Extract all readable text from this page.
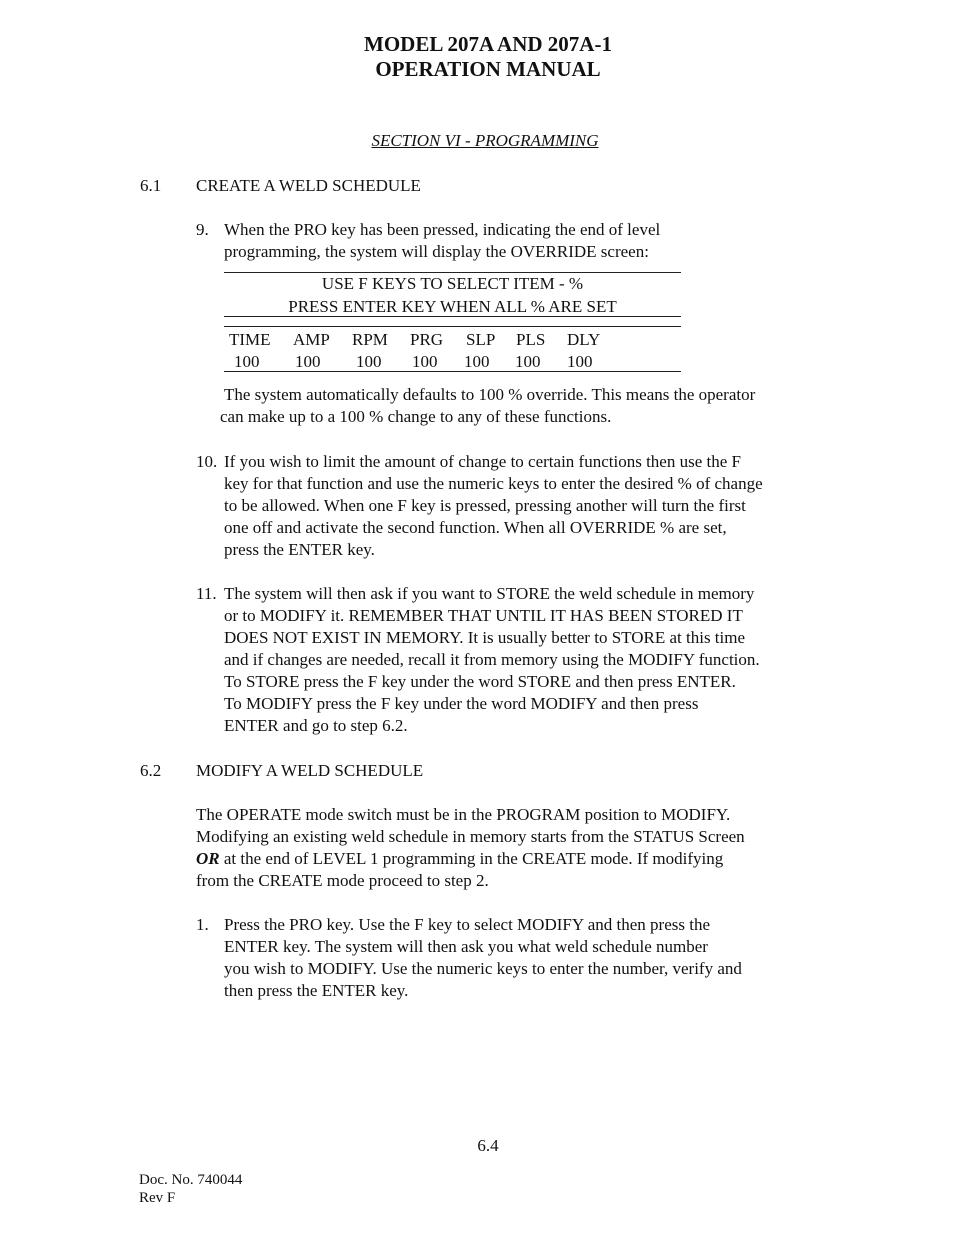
MODEL 207A AND 207A-1
OPERATION MANUAL
SECTION VI - PROGRAMMING
6.1 CREATE A WELD SCHEDULE
9. When the PRO key has been pressed, indicating the end of level
programming, the system will display the OVERRIDE screen:
USE F KEYS TO SELECT ITEM - %
PRESS ENTER KEY WHEN ALL % ARE SET
TIME AMP RPM PRG SLP PLS DLY
100 100 100 100 100 100 100
The system automatically defaults to 100 % override. This means the operator
can make up to a 100 % change to any of these functions.
10. If you wish to limit the amount of change to certain functions then use the F
key for that function and use the numeric keys to enter the desired % of change
to be allowed. When one F key is pressed, pressing another will turn the first
one off and activate the second function. When all OVERRIDE % are set,
press the ENTER key.
11. The system will then ask if you want to STORE the weld schedule in memory
or to MODIFY it. REMEMBER THAT UNTIL IT HAS BEEN STORED IT
DOES NOT EXIST IN MEMORY. It is usually better to STORE at this time
and if changes are needed, recall it from memory using the MODIFY function.
To STORE press the F key under the word STORE and then press ENTER.
To MODIFY press the F key under the word MODIFY and then press
ENTER and go to step 6.2.
6.2 MODIFY A WELD SCHEDULE
The OPERATE mode switch must be in the PROGRAM position to MODIFY.
Modifying an existing weld schedule in memory starts from the STATUS Screen
OR at the end of LEVEL 1 programming in the CREATE mode. If modifying
from the CREATE mode proceed to step 2.
1. Press the PRO key. Use the F key to select MODIFY and then press the
ENTER key. The system will then ask you what weld schedule number
you wish to MODIFY. Use the numeric keys to enter the number, verify and
then press the ENTER key.
6.4
Doc. No. 740044
Rev F
